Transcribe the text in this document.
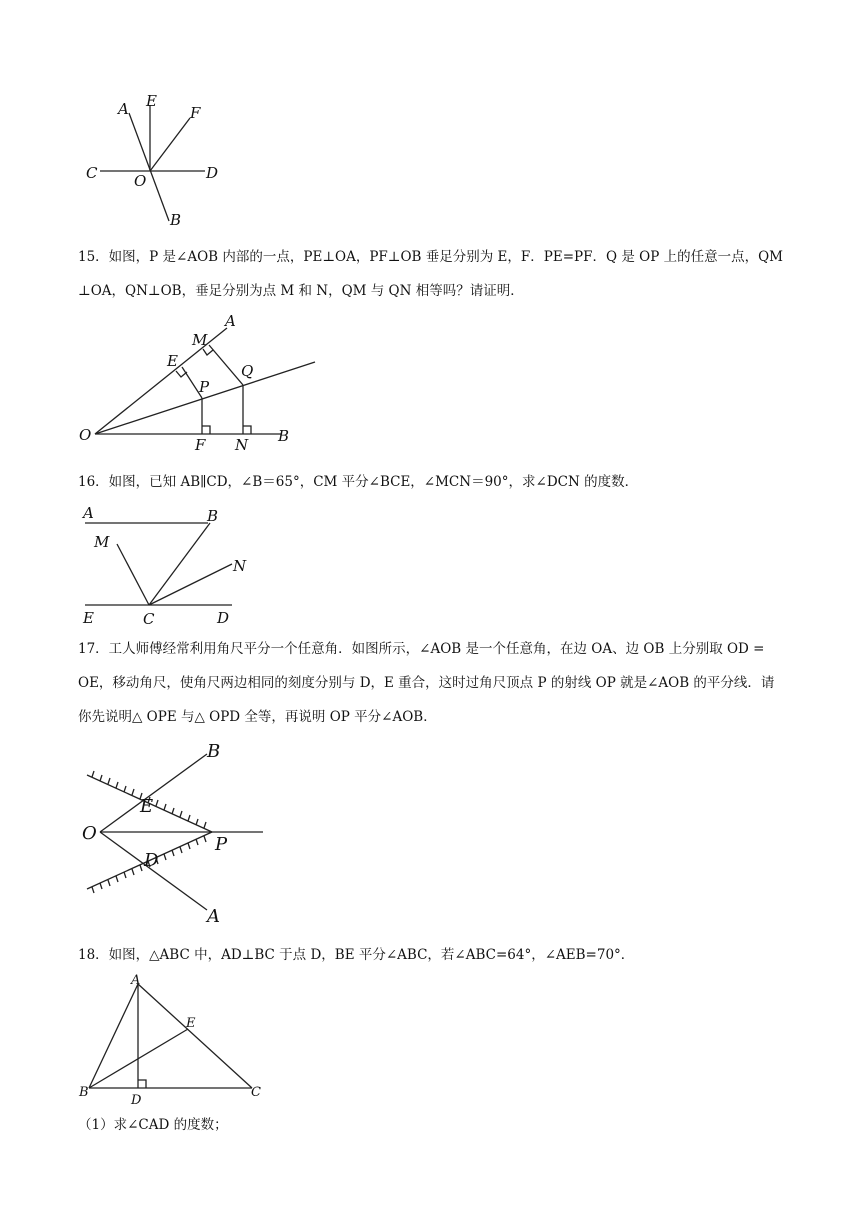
A E
F
C O	D
B

15．如图，P 是∠AOB 内部的一点，PE⊥OA，PF⊥OB 垂足分别为 E，F．PE=PF．Q 是 OP 上的任意一点，QM ⊥OA，QN⊥OB，垂足分别为点 M 和 N，QM 与 QN 相等吗？请证明．

A
M
E
P
Q
O
F N B

16．如图，已知 AB∥CD，∠B＝65°，CM 平分∠BCE，∠MCN＝90°，求∠DCN 的度数．

A	B
M
N
E	C	D

17．工人师傅经常利用角尺平分一个任意角．如图所示，∠AOB 是一个任意角，在边 OA、边 OB 上分别取 OD = OE，移动角尺，使角尺两边相同的刻度分别与 D，E 重合，这时过角尺顶点 P 的射线 OP 就是∠AOB 的平分线．请你先说明△ OPE 与△ OPD 全等，再说明 OP 平分∠AOB．

B
E
O
P
D
A

18．如图，△ABC 中，AD⊥BC 于点 D，BE 平分∠ABC，若∠ABC=64°，∠AEB=70°．

A
E
B
D
C

（1）求∠CAD 的度数；
